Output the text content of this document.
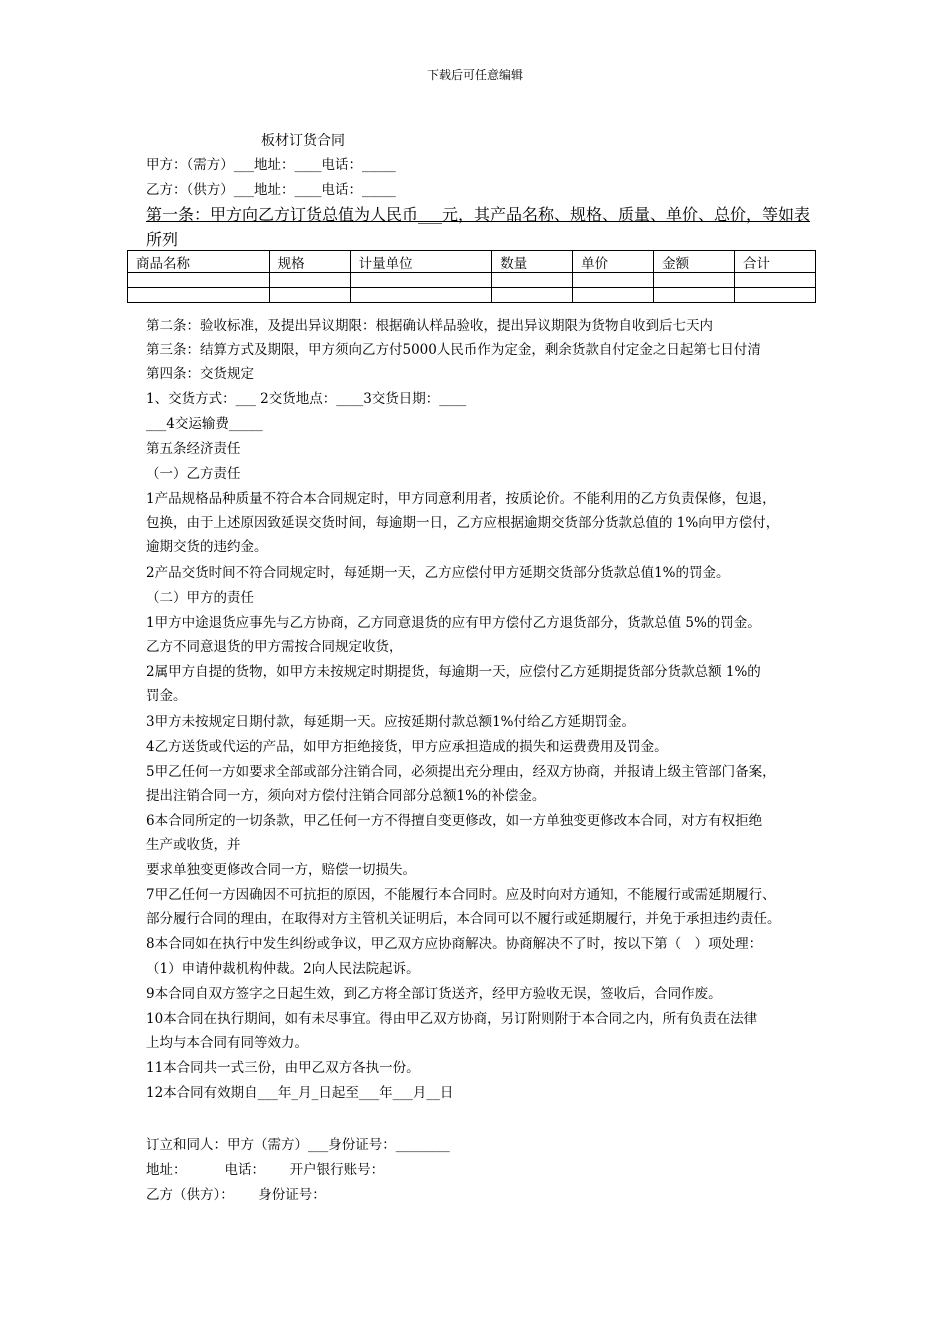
下载后可任意编辑
板材订货合同
甲方：（需方）___地址：____电话：_____
乙方：（供方）___地址：____电话：_____
第一条：甲方向乙方订货总值为人民币___元，其产品名称、规格、质量、单价、总价，等如表
所列
商品名称	规格	计量单位	数量	单价	金额	合计

第二条：验收标准，及提出异议期限：根据确认样品验收，提出异议期限为货物自收到后七天内
第三条：结算方式及期限，甲方须向乙方付5000人民币作为定金，剩余货款自付定金之日起第七日付清
第四条：交货规定
1、交货方式：___ 2交货地点：____3交货日期：____
___4交运输费_____
第五条经济责任
（一）乙方责任
1产品规格品种质量不符合本合同规定时，甲方同意利用者，按质论价。不能利用的乙方负责保修，包退，
包换，由于上述原因致延误交货时间，每逾期一日，乙方应根据逾期交货部分货款总值的 1%向甲方偿付，
逾期交货的违约金。
2产品交货时间不符合同规定时，每延期一天，乙方应偿付甲方延期交货部分货款总值1%的罚金。
（二）甲方的责任
1甲方中途退货应事先与乙方协商，乙方同意退货的应有甲方偿付乙方退货部分，货款总值 5%的罚金。
乙方不同意退货的甲方需按合同规定收货，
2属甲方自提的货物，如甲方未按规定时期提货，每逾期一天，应偿付乙方延期提货部分货款总额 1%的
罚金。
3甲方未按规定日期付款，每延期一天。应按延期付款总额1%付给乙方延期罚金。
4乙方送货或代运的产品，如甲方拒绝接货，甲方应承担造成的损失和运费费用及罚金。
5甲乙任何一方如要求全部或部分注销合同，必须提出充分理由，经双方协商，并报请上级主管部门备案，
提出注销合同一方，须向对方偿付注销合同部分总额1%的补偿金。
6本合同所定的一切条款，甲乙任何一方不得擅自变更修改，如一方单独变更修改本合同，对方有权拒绝
生产或收货，并
要求单独变更修改合同一方，赔偿一切损失。
7甲乙任何一方因确因不可抗拒的原因，不能履行本合同时。应及时向对方通知，不能履行或需延期履行、
部分履行合同的理由，在取得对方主管机关证明后，本合同可以不履行或延期履行，并免于承担违约责任。
8本合同如在执行中发生纠纷或争议，甲乙双方应协商解决。协商解决不了时，按以下第（　）项处理：
（1）申请仲裁机构仲裁。2向人民法院起诉。
9本合同自双方签字之日起生效，到乙方将全部订货送齐，经甲方验收无误，签收后，合同作废。
10本合同在执行期间，如有未尽事宜。得由甲乙双方协商，另订附则附于本合同之内，所有负责在法律
上均与本合同有同等效力。
11本合同共一式三份，由甲乙双方各执一份。
12本合同有效期自___年_月_日起至___年___月__日
订立和同人：甲方（需方）___身份证号：________
地址：　　　 电话：　　 开户银行账号：
乙方（供方）：　　 身份证号：
